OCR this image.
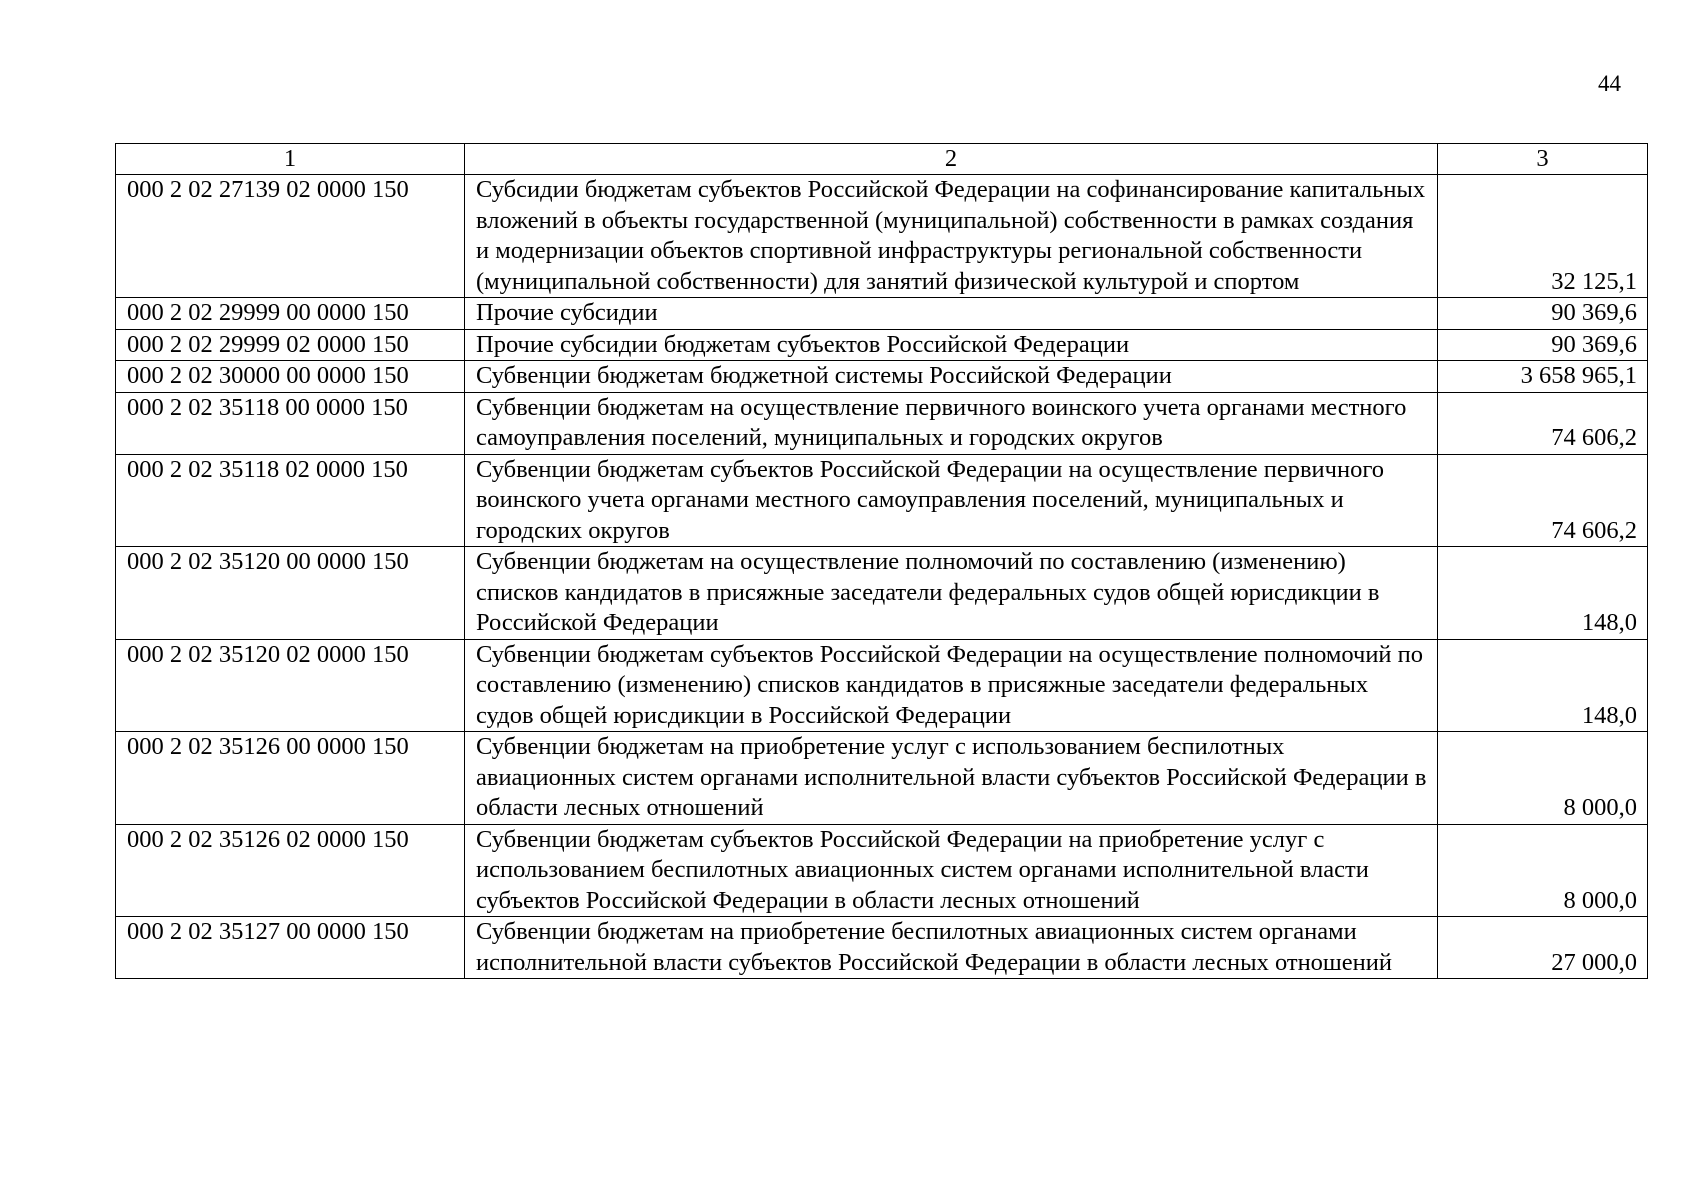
44
1	2	3
000 2 02 27139 02 0000 150	Субсидии бюджетам субъектов Российской Федерации на софинансирование капитальных вложений в объекты государственной (муниципальной) собственности в рамках создания и модернизации объектов спортивной инфраструктуры региональной собственности (муниципальной собственности) для занятий физической культурой и спортом	32 125,1
000 2 02 29999 00 0000 150	Прочие субсидии	90 369,6
000 2 02 29999 02 0000 150	Прочие субсидии бюджетам субъектов Российской Федерации	90 369,6
000 2 02 30000 00 0000 150	Субвенции бюджетам бюджетной системы Российской Федерации	3 658 965,1
000 2 02 35118 00 0000 150	Субвенции бюджетам на осуществление первичного воинского учета органами местного самоуправления поселений, муниципальных и городских округов	74 606,2
000 2 02 35118 02 0000 150	Субвенции бюджетам субъектов Российской Федерации на осуществление первичного воинского учета органами местного самоуправления поселений, муниципальных и городских округов	74 606,2
000 2 02 35120 00 0000 150	Субвенции бюджетам на осуществление полномочий по составлению (изменению) списков кандидатов в присяжные заседатели федеральных судов общей юрисдикции в Российской Федерации	148,0
000 2 02 35120 02 0000 150	Субвенции бюджетам субъектов Российской Федерации на осуществление полномочий по составлению (изменению) списков кандидатов в присяжные заседатели федеральных судов общей юрисдикции в Российской Федерации	148,0
000 2 02 35126 00 0000 150	Субвенции бюджетам на приобретение услуг с использованием беспилотных авиационных систем органами исполнительной власти субъектов Российской Федерации в области лесных отношений	8 000,0
000 2 02 35126 02 0000 150	Субвенции бюджетам субъектов Российской Федерации на приобретение услуг с использованием беспилотных авиационных систем органами исполнительной власти субъектов Российской Федерации в области лесных отношений	8 000,0
000 2 02 35127 00 0000 150	Субвенции бюджетам на приобретение беспилотных авиационных систем органами исполнительной власти субъектов Российской Федерации в области лесных отношений	27 000,0
